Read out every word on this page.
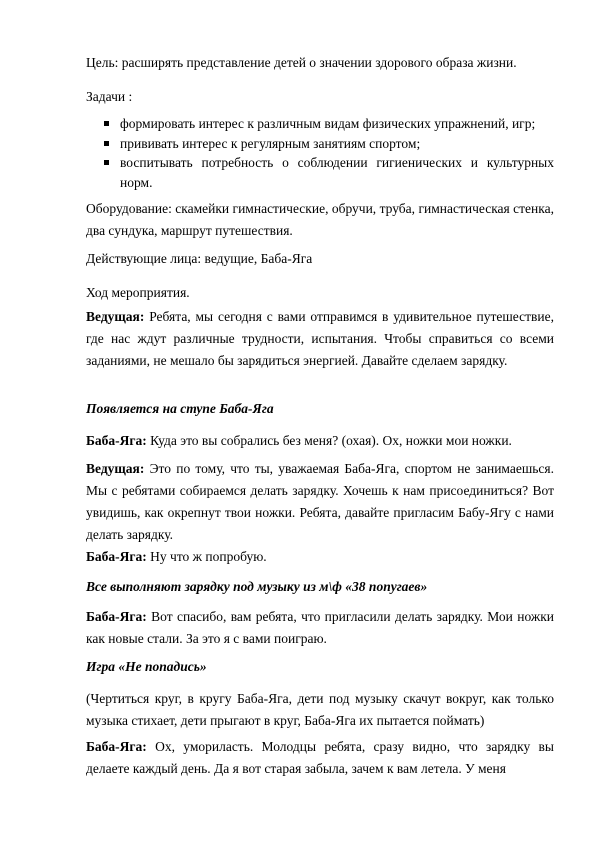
Цель: расширять представление детей о значении здорового образа жизни.

Задачи :

формировать интерес к различным видам физических упражнений, игр;
прививать интерес к регулярным занятиям спортом;
воспитывать потребность о соблюдении гигиенических и культурных норм.

Оборудование: скамейки гимнастические, обручи, труба, гимнастическая стенка, два сундука, маршрут путешествия.

Действующие лица: ведущие, Баба-Яга

Ход мероприятия.

Ведущая: Ребята, мы сегодня с вами отправимся в удивительное путешествие, где нас ждут различные трудности, испытания. Чтобы справиться со всеми заданиями, не мешало бы зарядиться энергией. Давайте сделаем зарядку.

Появляется на ступе Баба-Яга

Баба-Яга: Куда это вы собрались без меня? (охая). Ох, ножки мои ножки.

Ведущая: Это по тому, что ты, уважаемая Баба-Яга, спортом не занимаешься. Мы с ребятами собираемся делать зарядку. Хочешь к нам присоединиться? Вот увидишь, как окрепнут твои ножки. Ребята, давайте пригласим Бабу-Ягу с нами делать зарядку.

Баба-Яга: Ну что ж попробую.

Все выполняют зарядку под музыку из м\ф «38 попугаев»

Баба-Яга: Вот спасибо, вам ребята, что пригласили делать зарядку. Мои ножки как новые стали. За это я с вами поиграю.

Игра «Не попадись»

(Чертиться круг, в кругу Баба-Яга, дети под музыку скачут вокруг, как только музыка стихает, дети прыгают в круг, Баба-Яга их пытается поймать)

Баба-Яга: Ох, умориласть. Молодцы ребята, сразу видно, что зарядку вы делаете каждый день. Да я вот старая забыла, зачем к вам летела. У меня
